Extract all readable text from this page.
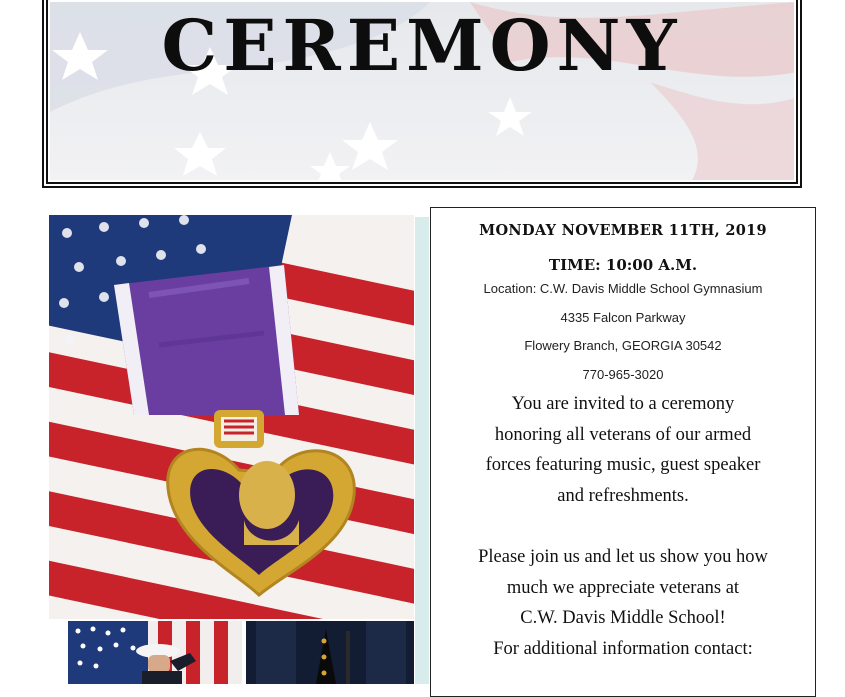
CEREMONY
MONDAY NOVEMBER 11TH, 2019
TIME: 10:00 A.M.
Location: C.W. Davis Middle School Gymnasium
4335 Falcon Parkway
Flowery Branch, GEORGIA 30542
770-965-3020
You are invited to a ceremony
honoring all veterans of our armed
forces featuring music, guest speaker
and refreshments.
Please join us and let us show you how
much we appreciate veterans at
C.W. Davis Middle School!
For additional information contact:
